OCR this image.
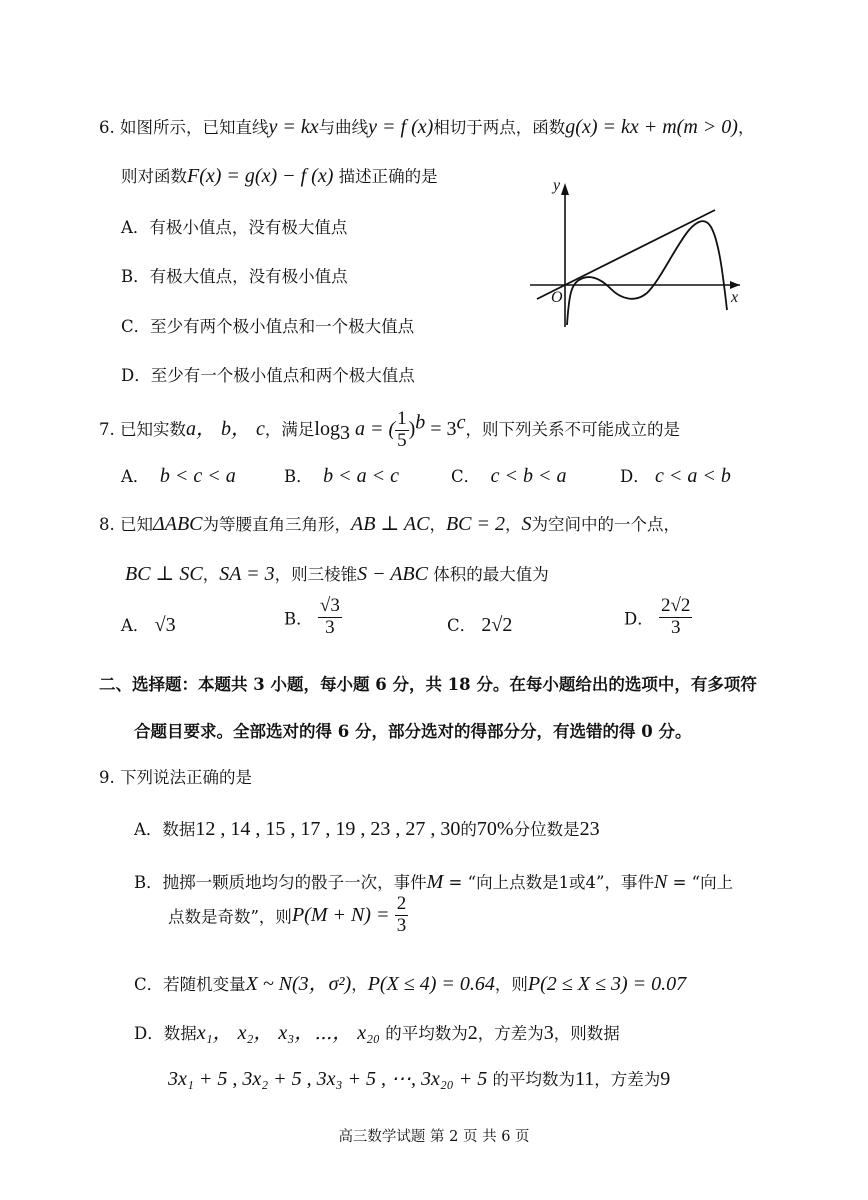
6. 如图所示，已知直线y = kx与曲线y = f (x)相切于两点，函数g(x) = kx + m(m > 0)，
则对函数F(x) = g(x) − f (x) 描述正确的是
A．有极小值点，没有极大值点
B．有极大值点，没有极小值点
C．至少有两个极小值点和一个极大值点
D．至少有一个极小值点和两个极大值点
y
x
O
7. 已知实数a， b， c，满足$\log_3 a$ = ( $\frac{1}{5} )^b = 3^c$，则下列关系不可能成立的是
A． b < c < a	B． b < a < c	C． c < b < a	D． c < a < b
8. 已知ΔABC为等腰直角三角形，AB ⊥ AC，BC = 2，S为空间中的一个点，
BC ⊥ SC，SA = 3，则三棱锥S − ABC 体积的最大值为
A． √3	B． $\frac{√3}{3}$	C． 2√2	D． $\frac{2√2}{3}$
二、选择题：本题共 3 小题，每小题 6 分，共 18 分。在每小题给出的选项中，有多项符
合题目要求。全部选对的得 6 分，部分选对的得部分分，有选错的得 0 分。
9. 下列说法正确的是
A．数据12 , 14 , 15 , 17 , 19 , 23 , 27 , 30的70%分位数是23
B．抛掷一颗质地均匀的骰子一次，事件M = “向上点数是1或4”，事件N = “向上
点数是奇数”，则$P(M + N) = \frac{2}{3}$
C．若随机变量X ~ N(3，σ²)，P(X ≤ 4) = 0.64，则P(2 ≤ X ≤ 3) = 0.07
D．数据x₁， x₂， x₃，⋯， x₂₀ 的平均数为2，方差为3，则数据
3x₁ + 5 , 3x₂ + 5 , 3x₃ + 5 , ⋯, 3x₂₀ + 5 的平均数为11，方差为9
高三数学试题 第 2 页 共 6 页
